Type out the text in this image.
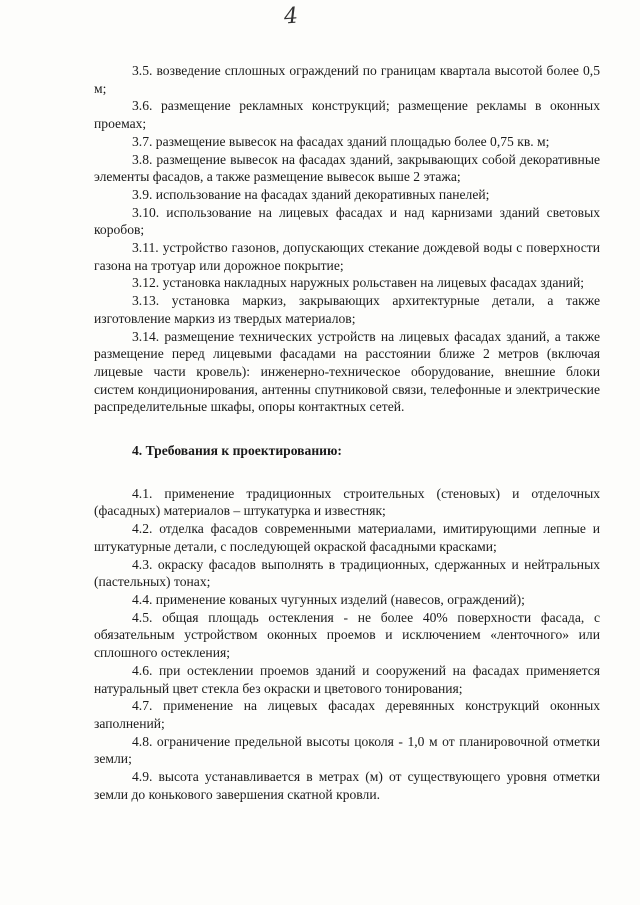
4

3.5. возведение сплошных ограждений по границам квартала высотой более 0,5 м;

3.6. размещение рекламных конструкций; размещение рекламы в оконных проемах;

3.7. размещение вывесок на фасадах зданий площадью более 0,75 кв. м;

3.8. размещение вывесок на фасадах зданий, закрывающих собой декоративные элементы фасадов, а также размещение вывесок выше 2 этажа;

3.9. использование на фасадах зданий декоративных панелей;

3.10. использование на лицевых фасадах и над карнизами зданий световых коробов;

3.11. устройство газонов, допускающих стекание дождевой воды с поверхности газона на тротуар или дорожное покрытие;

3.12. установка накладных наружных рольставен на лицевых фасадах зданий;

3.13. установка маркиз, закрывающих архитектурные детали, а также изготовление маркиз из твердых материалов;

3.14. размещение технических устройств на лицевых фасадах зданий, а также размещение перед лицевыми фасадами на расстоянии ближе 2 метров (включая лицевые части кровель): инженерно-техническое оборудование, внешние блоки систем кондиционирования, антенны спутниковой связи, телефонные и электрические распределительные шкафы, опоры контактных сетей.

4. Требования к проектированию:

4.1. применение традиционных строительных (стеновых) и отделочных (фасадных) материалов – штукатурка и известняк;

4.2. отделка фасадов современными материалами, имитирующими лепные и штукатурные детали, с последующей окраской фасадными красками;

4.3. окраску фасадов выполнять в традиционных, сдержанных и нейтральных (пастельных) тонах;

4.4. применение кованых чугунных изделий (навесов, ограждений);

4.5. общая площадь остекления - не более 40% поверхности фасада, с обязательным устройством оконных проемов и исключением «ленточного» или сплошного остекления;

4.6. при остеклении проемов зданий и сооружений на фасадах применяется натуральный цвет стекла без окраски и цветового тонирования;

4.7. применение на лицевых фасадах деревянных конструкций оконных заполнений;

4.8. ограничение предельной высоты цоколя - 1,0 м от планировочной отметки земли;

4.9. высота устанавливается в метрах (м) от существующего уровня отметки земли до конькового завершения скатной кровли.
